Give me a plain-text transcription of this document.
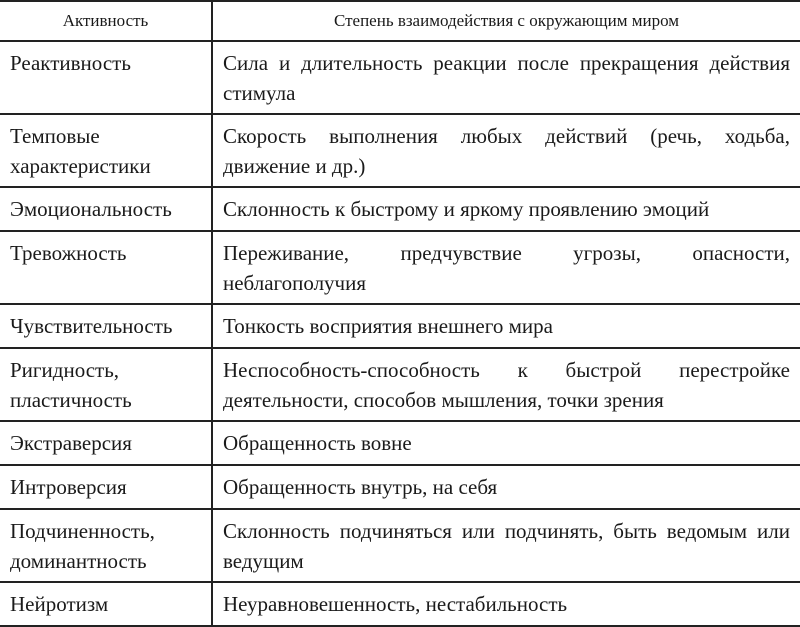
Активность	Степень взаимодействия с окружающим миром
Реактивность	Сила и длительность реакции после прекращения действия стимула
Темповые характеристики	Скорость выполнения любых действий (речь, ходьба, движение и др.)
Эмоциональность	Склонность к быстрому и яркому проявлению эмоций
Тревожность	Переживание, предчувствие угрозы, опасности, неблагополучия
Чувствительность	Тонкость восприятия внешнего мира
Ригидность, пластичность	Неспособность-способность к быстрой перестройке деятельности, способов мышления, точки зрения
Экстраверсия	Обращенность вовне
Интроверсия	Обращенность внутрь, на себя
Подчиненность, доминантность	Склонность подчиняться или подчинять, быть ведомым или ведущим
Нейротизм	Неуравновешенность, нестабильность
